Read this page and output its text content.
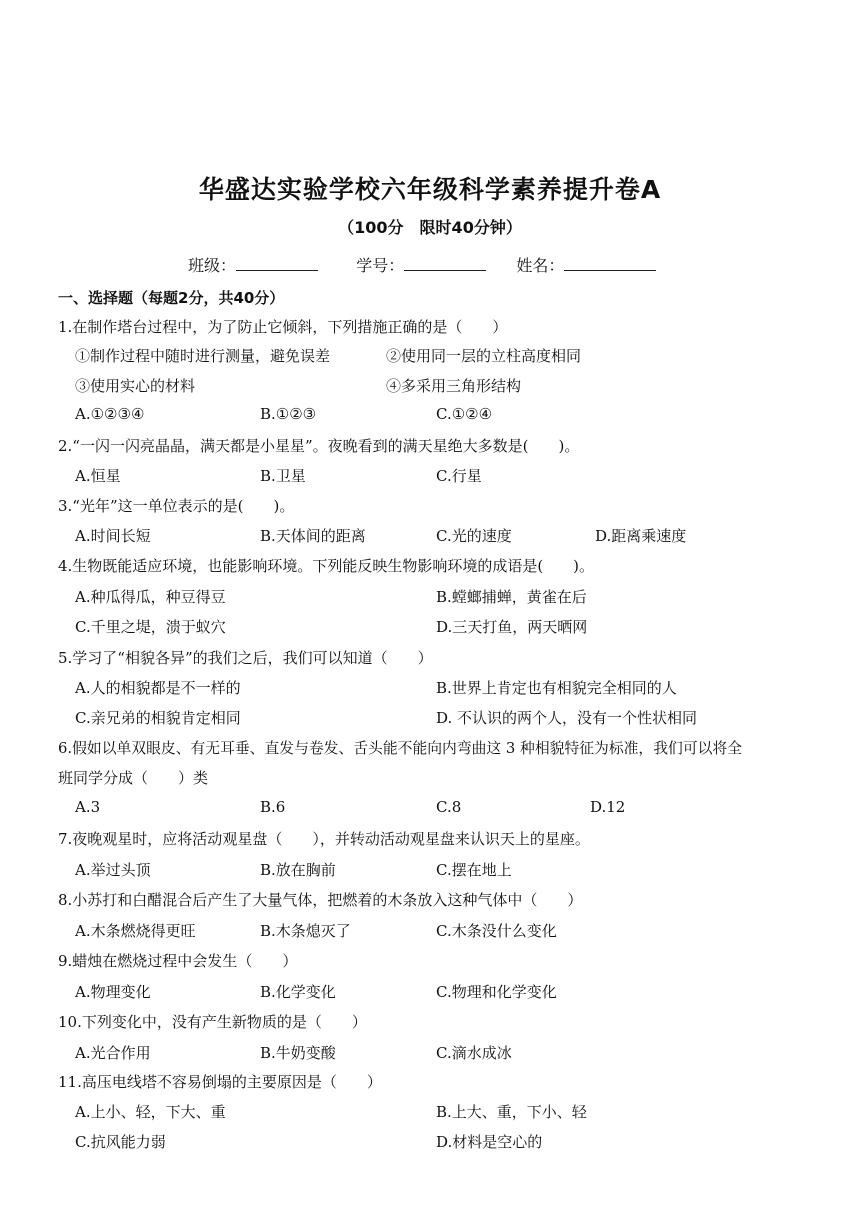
华盛达实验学校六年级科学素养提升卷A
（100分　限时40分钟）
班级：	学号：	姓名：
一、选择题（每题2分，共40分）
1.在制作塔台过程中，为了防止它倾斜，下列措施正确的是（　　）
①制作过程中随时进行测量，避免误差	②使用同一层的立柱高度相同
③使用实心的材料	④多采用三角形结构
A.①②③④	B.①②③	C.①②④
2.“一闪一闪亮晶晶，满天都是小星星”。夜晚看到的满天星绝大多数是(　　)。
A.恒星	B.卫星	C.行星
3.“光年”这一单位表示的是(　　)。
A.时间长短	B.天体间的距离	C.光的速度	D.距离乘速度
4.生物既能适应环境，也能影响环境。下列能反映生物影响环境的成语是(　　)。
A.种瓜得瓜，种豆得豆	B.螳螂捕蝉，黄雀在后
C.千里之堤，溃于蚁穴	D.三天打鱼，两天晒网
5.学习了“相貌各异”的我们之后，我们可以知道（　　）
A.人的相貌都是不一样的	B.世界上肯定也有相貌完全相同的人
C.亲兄弟的相貌肯定相同	D. 不认识的两个人，没有一个性状相同
6.假如以单双眼皮、有无耳垂、直发与卷发、舌头能不能向内弯曲这 3 种相貌特征为标准，我们可以将全
班同学分成（　　）类
A.3	B.6	C.8	D.12
7.夜晚观星时，应将活动观星盘（　　），并转动活动观星盘来认识天上的星座。
A.举过头顶	B.放在胸前	C.摆在地上
8.小苏打和白醋混合后产生了大量气体，把燃着的木条放入这种气体中（　　）
A.木条燃烧得更旺	B.木条熄灭了	C.木条没什么变化
9.蜡烛在燃烧过程中会发生（　　）
A.物理变化	B.化学变化	C.物理和化学变化
10.下列变化中，没有产生新物质的是（　　）
A.光合作用	B.牛奶变酸	C.滴水成冰
11.高压电线塔不容易倒塌的主要原因是（　　）
A.上小、轻，下大、重	B.上大、重，下小、轻
C.抗风能力弱	D.材料是空心的
